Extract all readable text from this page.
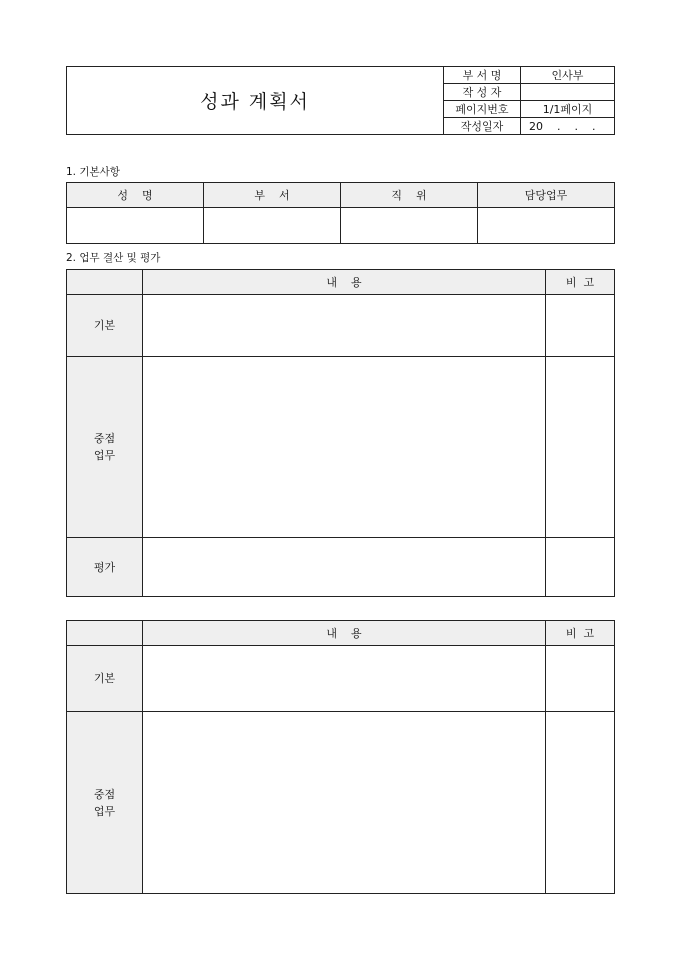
성과 계획서	부 서 명	인사부
	작 성 자	
	페이지번호	1/1페이지
	작성일자	20    .    .    .
1. 기본사항
성    명	부    서	직    위	담당업무

2. 업무 결산 및 평가
	내    용	비  고

기본		

중점
업무		

평가		

	내    용	비  고

기본		

중점
업무		
